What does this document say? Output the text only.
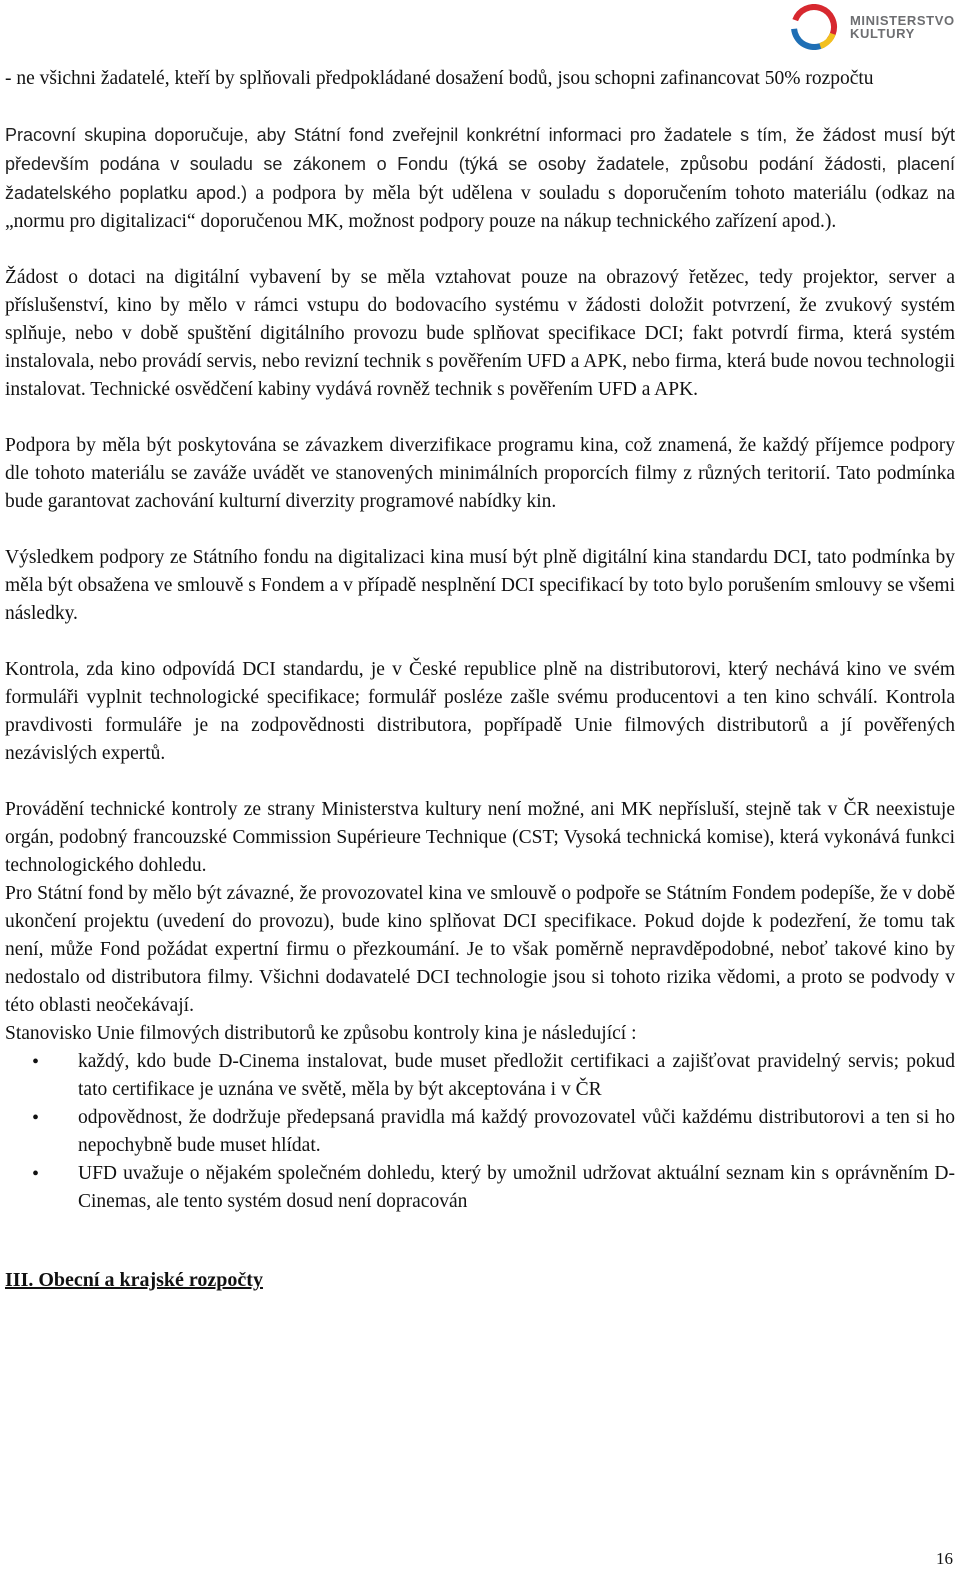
MINISTERSTVO
KULTURY

- ne všichni žadatelé, kteří by splňovali předpokládané dosažení bodů, jsou schopni zafinancovat 50% rozpočtu

Pracovní skupina doporučuje, aby Státní fond zveřejnil konkrétní informaci pro žadatele s tím, že žádost musí být především podána v souladu se zákonem o Fondu (týká se osoby žadatele, způsobu podání žádosti, placení žadatelského poplatku apod.) a podpora by měla být udělena v souladu s doporučením tohoto materiálu (odkaz na „normu pro digitalizaci“ doporučenou MK, možnost podpory pouze na nákup technického zařízení apod.).

Žádost o dotaci na digitální vybavení by se měla vztahovat pouze na obrazový řetězec, tedy projektor, server a příslušenství, kino by mělo v rámci vstupu do bodovacího systému v žádosti doložit potvrzení, že zvukový systém splňuje, nebo v době spuštění digitálního provozu bude splňovat specifikace DCI; fakt potvrdí firma, která systém instalovala, nebo provádí servis, nebo revizní technik s pověřením UFD a APK, nebo firma, která bude novou technologii instalovat. Technické osvědčení kabiny vydává rovněž technik s pověřením UFD a APK.

Podpora by měla být poskytována se závazkem diverzifikace programu kina, což znamená, že každý příjemce podpory dle tohoto materiálu se zaváže uvádět ve stanovených minimálních proporcích filmy z různých teritorií. Tato podmínka bude garantovat zachování kulturní diverzity programové nabídky kin.

Výsledkem podpory ze Státního fondu na digitalizaci kina musí být plně digitální kina standardu DCI, tato podmínka by měla být obsažena ve smlouvě s Fondem a v případě nesplnění DCI specifikací by toto bylo porušením smlouvy se všemi následky.

Kontrola, zda kino odpovídá DCI standardu, je v České republice plně na distributorovi, který nechává kino ve svém formuláři vyplnit technologické specifikace; formulář posléze zašle svému producentovi a ten kino schválí. Kontrola pravdivosti formuláře je na zodpovědnosti distributora, popřípadě Unie filmových distributorů a jí pověřených nezávislých expertů.

Provádění technické kontroly ze strany Ministerstva kultury není možné, ani MK nepřísluší, stejně tak v ČR neexistuje orgán, podobný francouzské Commission Supérieure Technique (CST; Vysoká technická komise), která vykonává funkci technologického dohledu.

Pro Státní fond by mělo být závazné, že provozovatel kina ve smlouvě o podpoře se Státním Fondem podepíše, že v době ukončení projektu (uvedení do provozu), bude kino splňovat DCI specifikace. Pokud dojde k podezření, že tomu tak není, může Fond požádat expertní firmu o přezkoumání. Je to však poměrně nepravděpodobné, neboť takové kino by nedostalo od distributora filmy. Všichni dodavatelé DCI technologie jsou si tohoto rizika vědomi, a proto se podvody v této oblasti neočekávají.

Stanovisko Unie filmových distributorů ke způsobu kontroly kina je následující :

• každý, kdo bude D-Cinema instalovat, bude muset předložit certifikaci a zajišťovat pravidelný servis; pokud tato certifikace je uznána ve světě, měla by být akceptována i v ČR
• odpovědnost, že dodržuje předepsaná pravidla má každý provozovatel vůči každému distributorovi a ten si ho nepochybně bude muset hlídat.
• UFD uvažuje o nějakém společném dohledu, který by umožnil udržovat aktuální seznam kin s oprávněním D-Cinemas, ale tento systém dosud není dopracován

III. Obecní a krajské rozpočty

16
